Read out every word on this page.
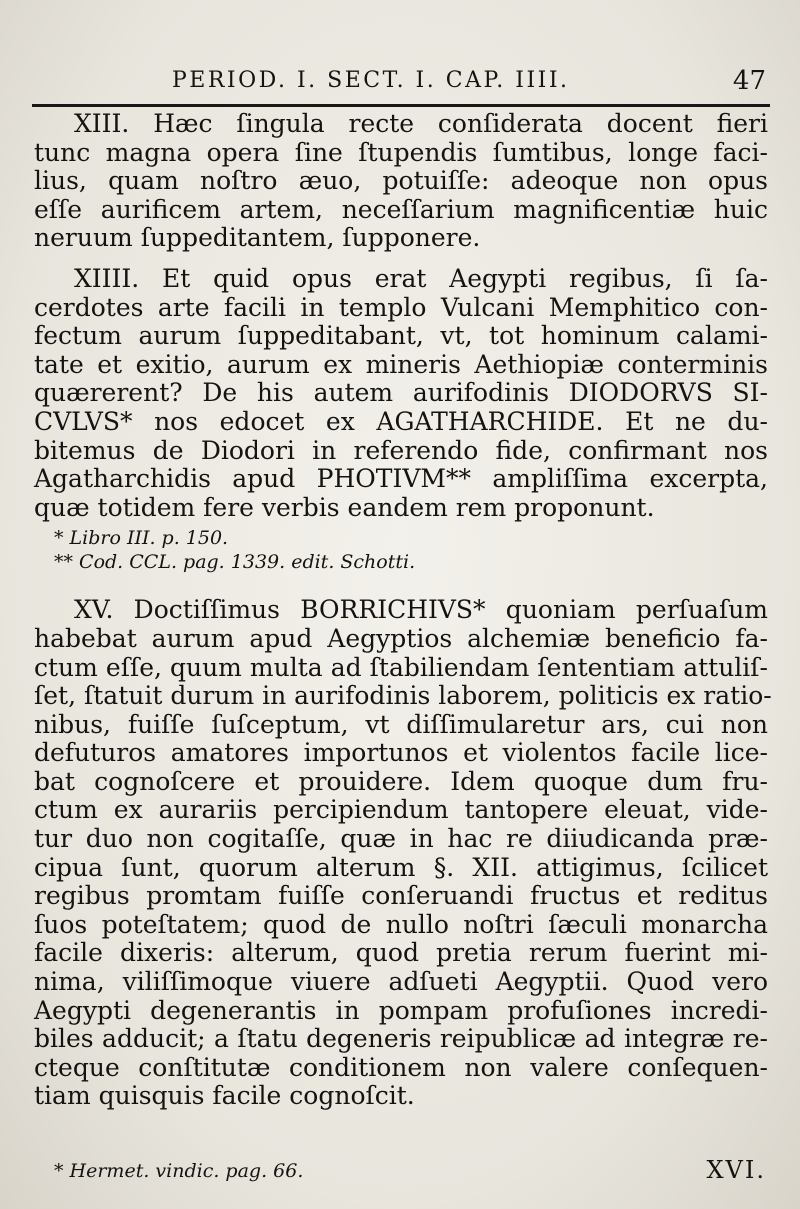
PERIOD. I. SECT. I. CAP. IIII.	47

XIII. Hæc ſingula recte conſiderata docent fieri
tunc magna opera ſine ſtupendis ſumtibus, longe faci-
lius, quam noſtro æuo, potuiſſe: adeoque non opus
eſſe aurificem artem, neceſſarium magnificentiæ huic
neruum ſuppeditantem, ſupponere.

XIIII. Et quid opus erat Aegypti regibus, ſi ſa-
cerdotes arte facili in templo Vulcani Memphitico con-
fectum aurum ſuppeditabant, vt, tot hominum calami-
tate et exitio, aurum ex mineris Aethiopiæ conterminis
quærerent? De his autem aurifodinis DIODORVS SI-
CVLVS* nos edocet ex AGATHARCHIDE. Et ne du-
bitemus de Diodori in referendo fide, confirmant nos
Agatharchidis apud PHOTIVM** ampliſſima excerpta,
quæ totidem fere verbis eandem rem proponunt.

* Libro III. p. 150.

** Cod. CCL. pag. 1339. edit. Schotti.

XV. Doctiſſimus BORRICHIVS* quoniam perſuaſum
habebat aurum apud Aegyptios alchemiæ beneficio fa-
ctum eſſe, quum multa ad ſtabiliendam ſententiam attuliſ-
ſet, ſtatuit durum in aurifodinis laborem, politicis ex ratio-
nibus, fuiſſe ſuſceptum, vt diſſimularetur ars, cui non
defuturos amatores importunos et violentos facile lice-
bat cognoſcere et prouidere. Idem quoque dum fru-
ctum ex aurariis percipiendum tantopere eleuat, vide-
tur duo non cogitaſſe, quæ in hac re diiudicanda præ-
cipua ſunt, quorum alterum §. XII. attigimus, ſcilicet
regibus promtam fuiſſe conſeruandi fructus et reditus
ſuos poteſtatem; quod de nullo noſtri ſæculi monarcha
facile dixeris: alterum, quod pretia rerum fuerint mi-
nima, viliſſimoque viuere adſueti Aegyptii. Quod vero
Aegypti degenerantis in pompam profuſiones incredi-
biles adducit; a ſtatu degeneris reipublicæ ad integræ re-
cteque conſtitutæ conditionem non valere conſequen-
tiam quisquis facile cognoſcit.

* Hermet. vindic. pag. 66.	XVI.
